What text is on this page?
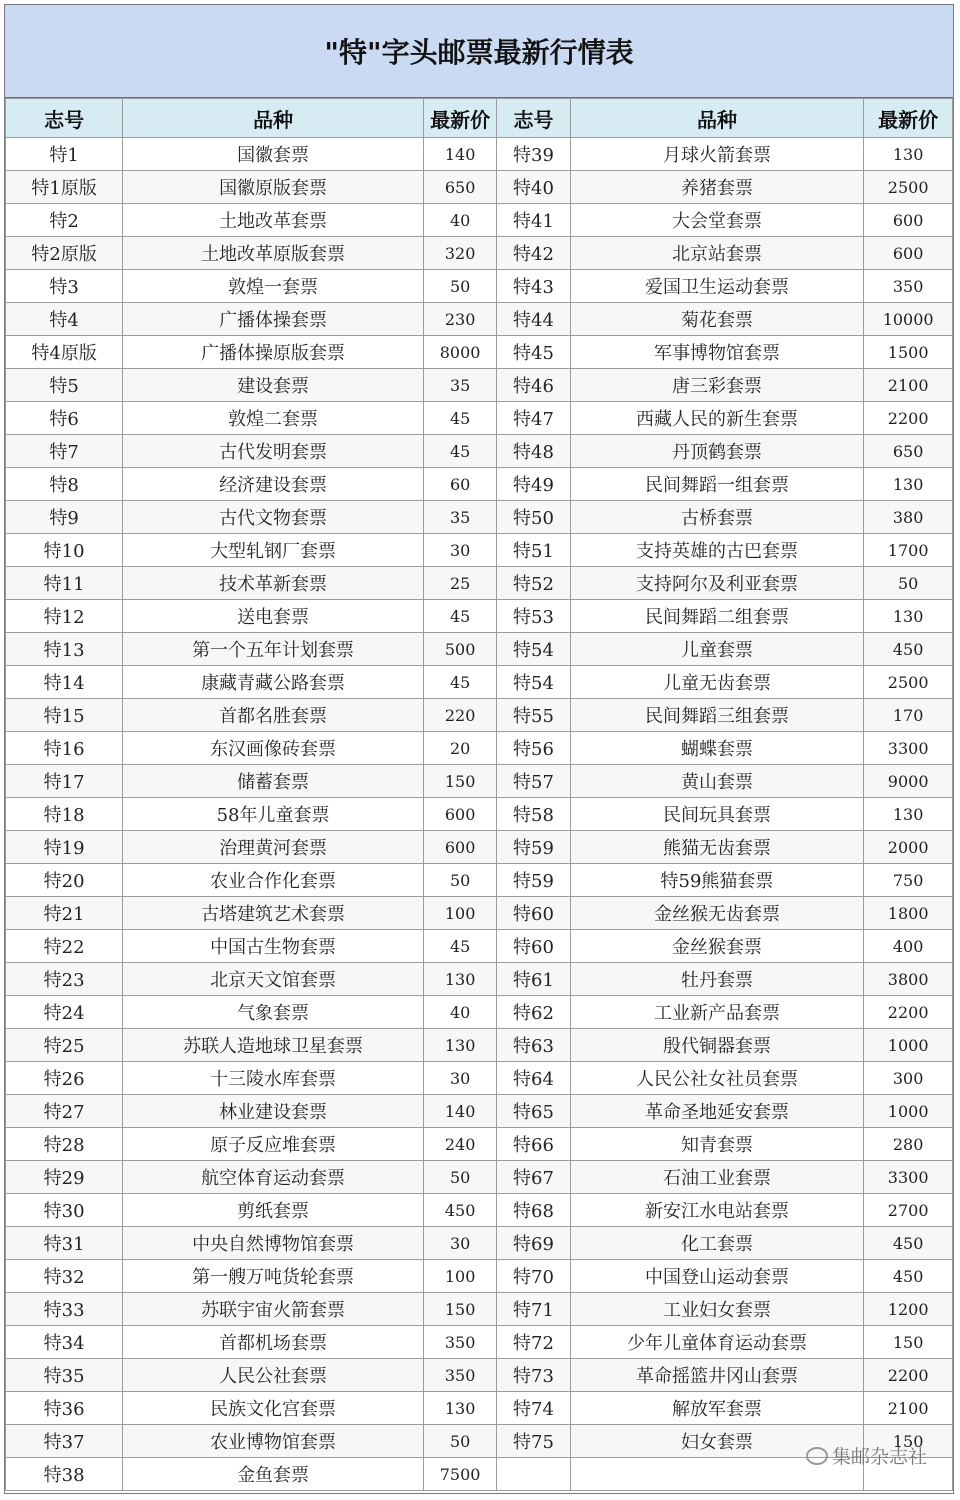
"特"字头邮票最新行情表
志号	品种	最新价	志号	品种	最新价
特1	国徽套票	140	特39	月球火箭套票	130
特1原版	国徽原版套票	650	特40	养猪套票	2500
特2	土地改革套票	40	特41	大会堂套票	600
特2原版	土地改革原版套票	320	特42	北京站套票	600
特3	敦煌一套票	50	特43	爱国卫生运动套票	350
特4	广播体操套票	230	特44	菊花套票	10000
特4原版	广播体操原版套票	8000	特45	军事博物馆套票	1500
特5	建设套票	35	特46	唐三彩套票	2100
特6	敦煌二套票	45	特47	西藏人民的新生套票	2200
特7	古代发明套票	45	特48	丹顶鹤套票	650
特8	经济建设套票	60	特49	民间舞蹈一组套票	130
特9	古代文物套票	35	特50	古桥套票	380
特10	大型轧钢厂套票	30	特51	支持英雄的古巴套票	1700
特11	技术革新套票	25	特52	支持阿尔及利亚套票	50
特12	送电套票	45	特53	民间舞蹈二组套票	130
特13	第一个五年计划套票	500	特54	儿童套票	450
特14	康藏青藏公路套票	45	特54	儿童无齿套票	2500
特15	首都名胜套票	220	特55	民间舞蹈三组套票	170
特16	东汉画像砖套票	20	特56	蝴蝶套票	3300
特17	储蓄套票	150	特57	黄山套票	9000
特18	58年儿童套票	600	特58	民间玩具套票	130
特19	治理黄河套票	600	特59	熊猫无齿套票	2000
特20	农业合作化套票	50	特59	特59熊猫套票	750
特21	古塔建筑艺术套票	100	特60	金丝猴无齿套票	1800
特22	中国古生物套票	45	特60	金丝猴套票	400
特23	北京天文馆套票	130	特61	牡丹套票	3800
特24	气象套票	40	特62	工业新产品套票	2200
特25	苏联人造地球卫星套票	130	特63	殷代铜器套票	1000
特26	十三陵水库套票	30	特64	人民公社女社员套票	300
特27	林业建设套票	140	特65	革命圣地延安套票	1000
特28	原子反应堆套票	240	特66	知青套票	280
特29	航空体育运动套票	50	特67	石油工业套票	3300
特30	剪纸套票	450	特68	新安江水电站套票	2700
特31	中央自然博物馆套票	30	特69	化工套票	450
特32	第一艘万吨货轮套票	100	特70	中国登山运动套票	450
特33	苏联宇宙火箭套票	150	特71	工业妇女套票	1200
特34	首都机场套票	350	特72	少年儿童体育运动套票	150
特35	人民公社套票	350	特73	革命摇篮井冈山套票	2200
特36	民族文化宫套票	130	特74	解放军套票	2100
特37	农业博物馆套票	50	特75	妇女套票	150
特38	金鱼套票	7500			
集邮杂志社
